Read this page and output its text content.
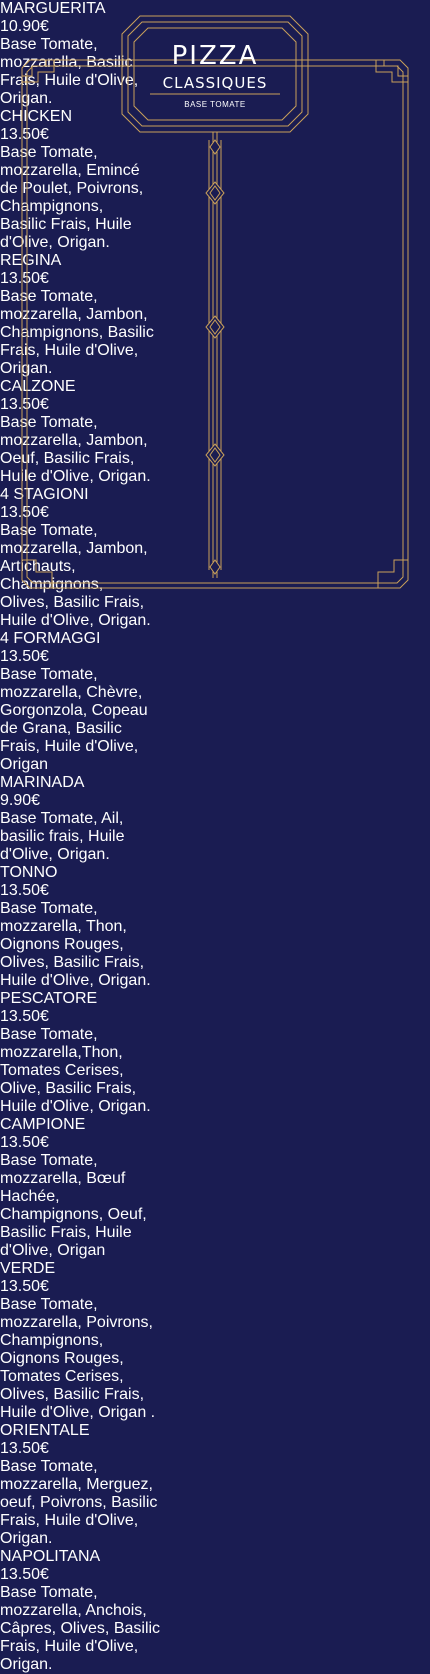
PIZZA
CLASSIQUES
BASE TOMATE
MARGUERITA
10.90€
Base Tomate, mozzarella, Basilic Frais, Huile d'Olive, Origan.
CHICKEN
13.50€
Base Tomate, mozzarella, Emincé de Poulet, Poivrons, Champignons, Basilic Frais, Huile d'Olive, Origan.
REGINA
13.50€
Base Tomate, mozzarella, Jambon, Champignons, Basilic Frais, Huile d'Olive, Origan.
CALZONE
13.50€
Base Tomate, mozzarella, Jambon, Oeuf, Basilic Frais, Huile d'Olive, Origan.
4 STAGIONI
13.50€
Base Tomate, mozzarella, Jambon, Artichauts, Champignons, Olives, Basilic Frais, Huile d'Olive, Origan.
4 FORMAGGI
13.50€
Base Tomate, mozzarella, Chèvre, Gorgonzola, Copeau de Grana, Basilic Frais, Huile d'Olive, Origan
MARINADA
9.90€
Base Tomate, Ail, basilic frais, Huile d'Olive, Origan.
TONNO
13.50€
Base Tomate, mozzarella, Thon, Oignons Rouges, Olives, Basilic Frais, Huile d'Olive, Origan.
PESCATORE
13.50€
Base Tomate, mozzarella,Thon, Tomates Cerises, Olive, Basilic Frais, Huile d'Olive, Origan.
CAMPIONE
13.50€
Base Tomate, mozzarella, Bœuf Hachée, Champignons, Oeuf, Basilic Frais, Huile d'Olive, Origan
VERDE
13.50€
Base Tomate, mozzarella, Poivrons, Champignons, Oignons Rouges, Tomates Cerises, Olives, Basilic Frais, Huile d'Olive, Origan .
ORIENTALE
13.50€
Base Tomate, mozzarella, Merguez, oeuf, Poivrons, Basilic Frais, Huile d'Olive, Origan.
NAPOLITANA
13.50€
Base Tomate, mozzarella, Anchois, Câpres, Olives, Basilic Frais, Huile d'Olive, Origan.
